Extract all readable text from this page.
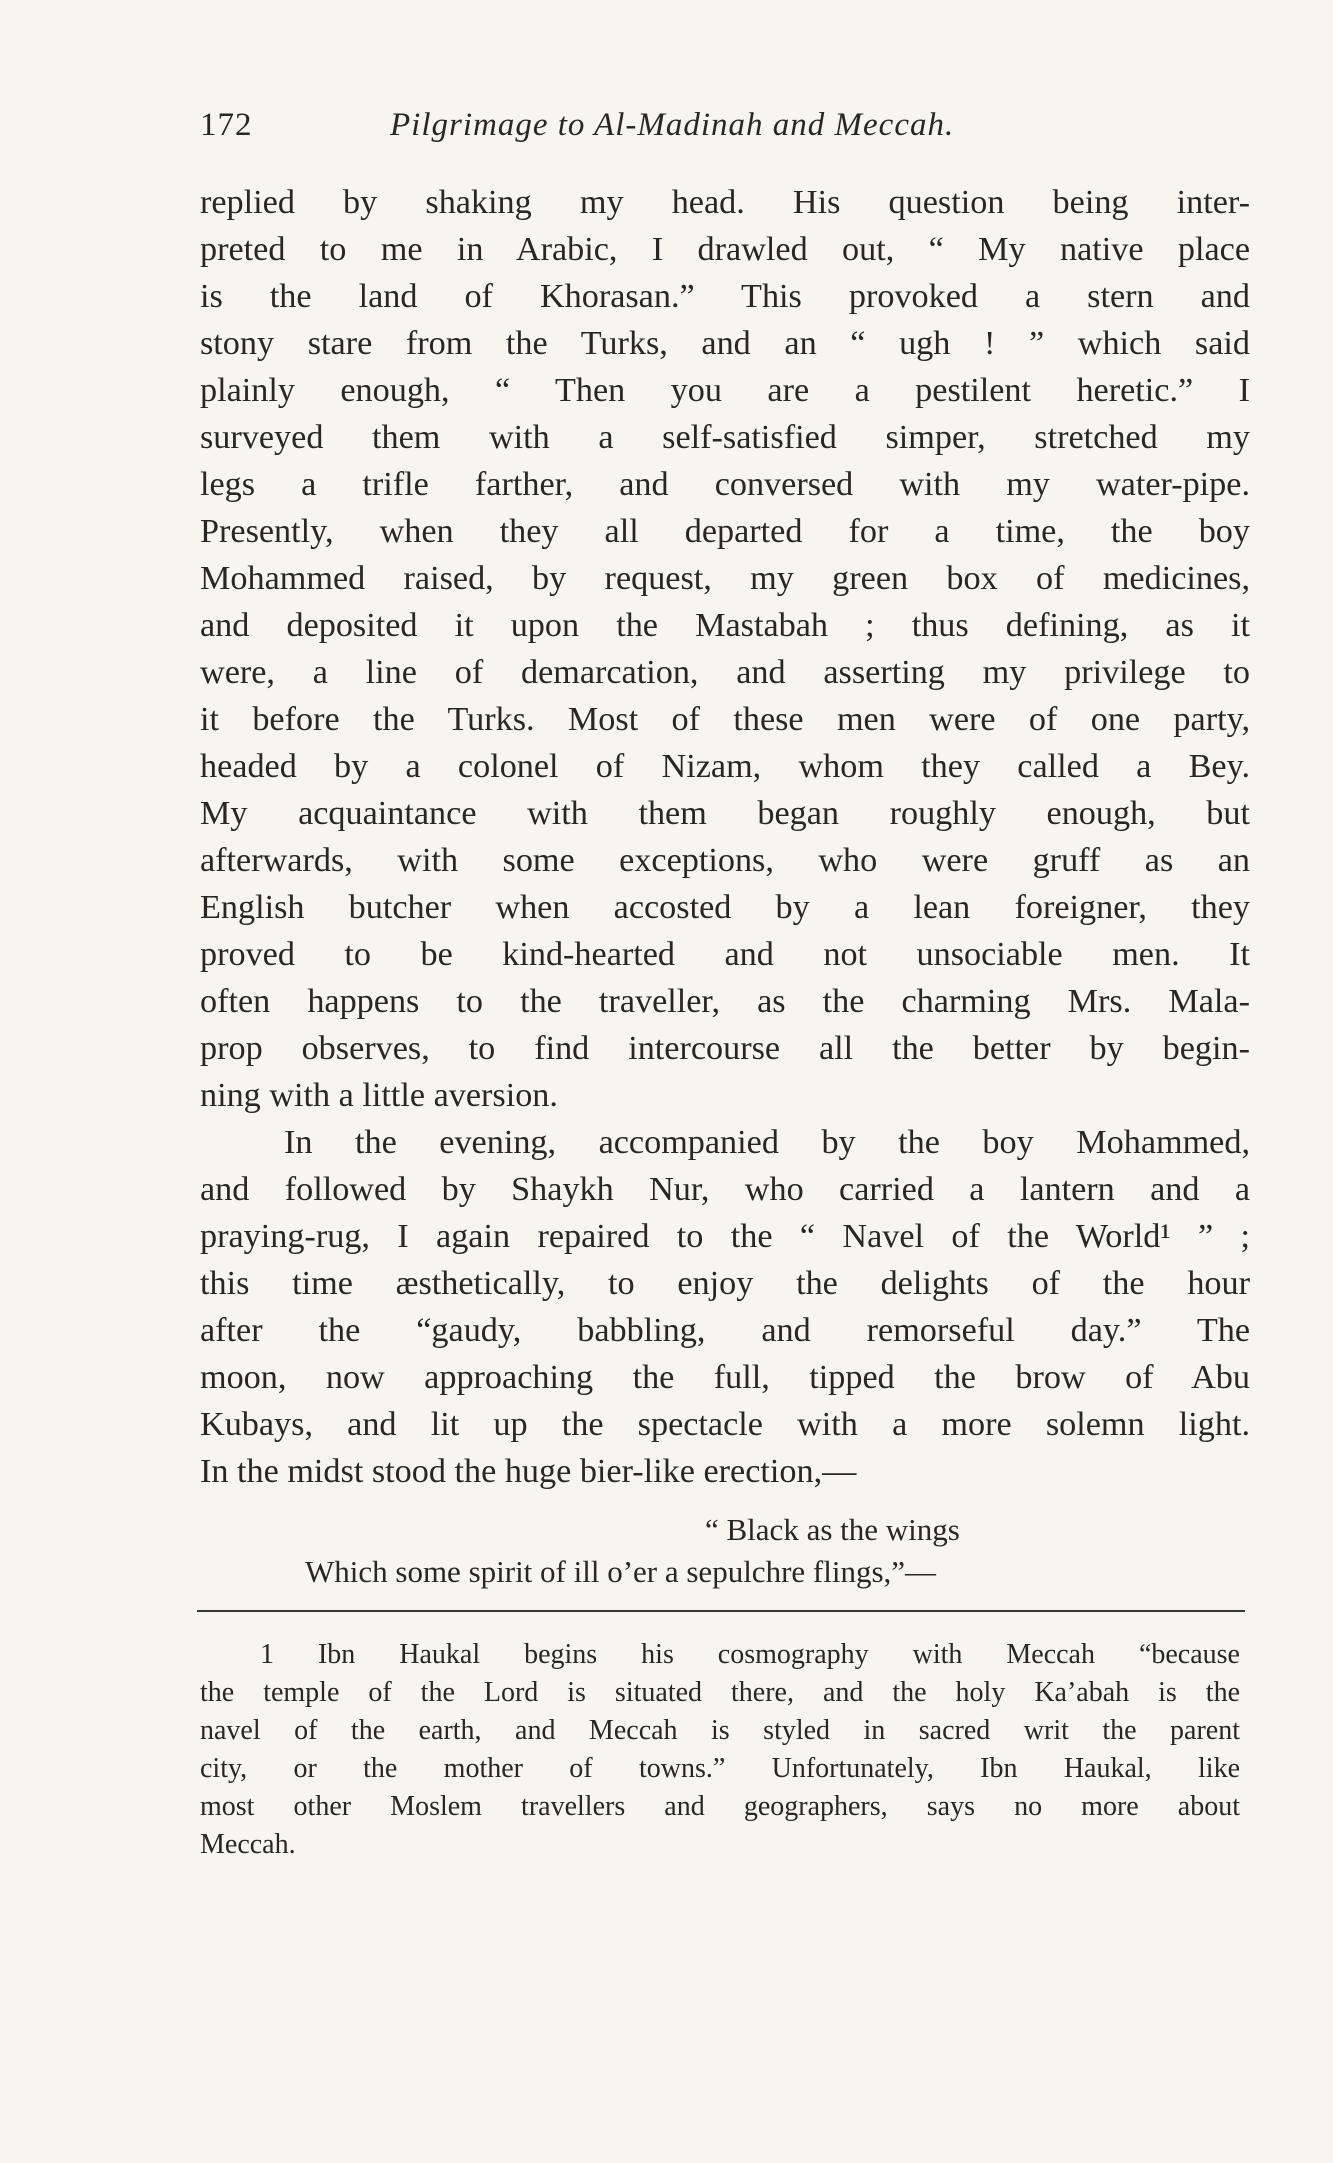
172	Pilgrimage to Al-Madinah and Meccah.
replied by shaking my head. His question being inter-
preted to me in Arabic, I drawled out, “ My native place
is the land of Khorasan.” This provoked a stern and
stony stare from the Turks, and an “ ugh ! ” which said
plainly enough, “ Then you are a pestilent heretic.” I
surveyed them with a self-satisfied simper, stretched my
legs a trifle farther, and conversed with my water-pipe.
Presently, when they all departed for a time, the boy
Mohammed raised, by request, my green box of medicines,
and deposited it upon the Mastabah ; thus defining, as it
were, a line of demarcation, and asserting my privilege to
it before the Turks. Most of these men were of one party,
headed by a colonel of Nizam, whom they called a Bey.
My acquaintance with them began roughly enough, but
afterwards, with some exceptions, who were gruff as an
English butcher when accosted by a lean foreigner, they
proved to be kind-hearted and not unsociable men. It
often happens to the traveller, as the charming Mrs. Mala-
prop observes, to find intercourse all the better by begin-
ning with a little aversion.
In the evening, accompanied by the boy Mohammed,
and followed by Shaykh Nur, who carried a lantern and a
praying-rug, I again repaired to the “ Navel of the World¹ ” ;
this time æsthetically, to enjoy the delights of the hour
after the “gaudy, babbling, and remorseful day.” The
moon, now approaching the full, tipped the brow of Abu
Kubays, and lit up the spectacle with a more solemn light.
In the midst stood the huge bier-like erection,—
“ Black as the wings
Which some spirit of ill o’er a sepulchre flings,”—
1 Ibn Haukal begins his cosmography with Meccah “because
the temple of the Lord is situated there, and the holy Ka’abah is the
navel of the earth, and Meccah is styled in sacred writ the parent
city, or the mother of towns.” Unfortunately, Ibn Haukal, like
most other Moslem travellers and geographers, says no more about
Meccah.
